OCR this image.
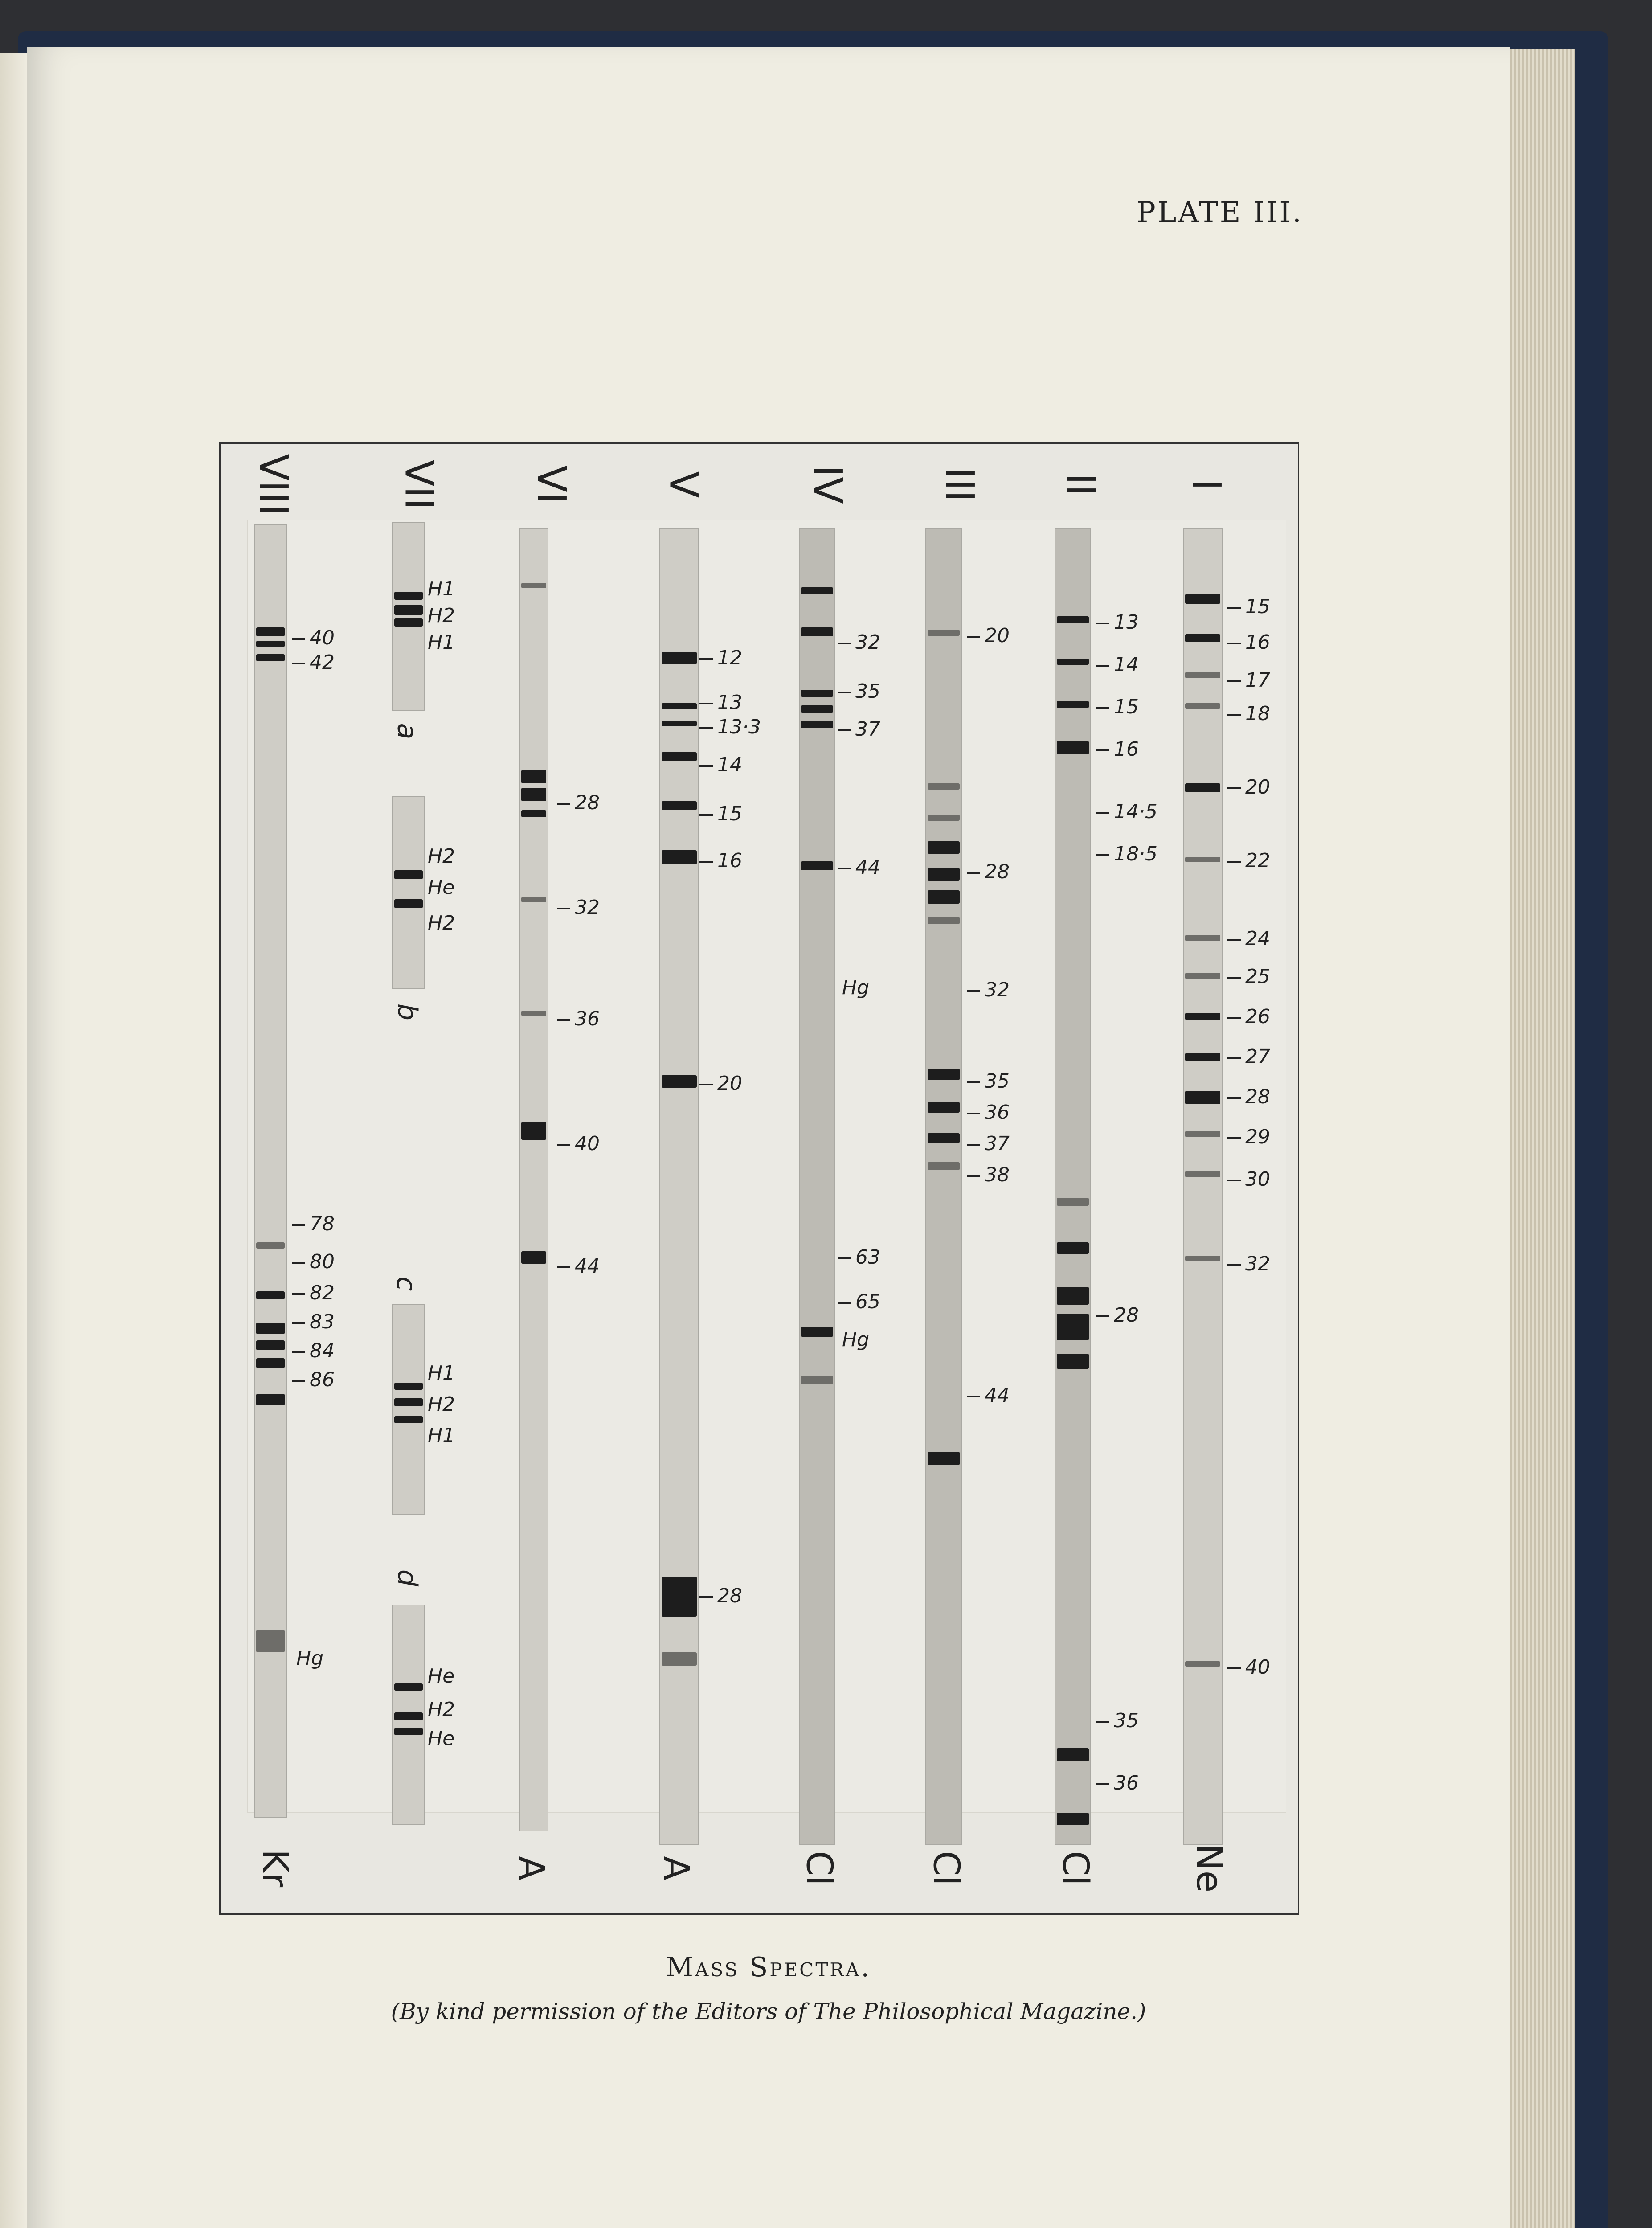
PLATE III.
VIII
40
42
78
80
82
83
84
86
Hg
Kr
VII
H1
H2
H1
a
H2
He
H2
b
H1
H2
H1
c
He
H2
He
d
VI
28
32
36
40
44
A
V
12
13
13·3
14
15
16
20
28
A
IV
32
35
37
44
Hg
63
65
Hg
Cl
III
20
28
32
35
36
37
38
44
Cl
II
13
14
15
16
14·5
18·5
28
35
36
Cl
I
15
16
17
18
20
22
24
25
26
27
28
29
30
32
40
Ne
Mass Spectra.

(By kind permission of the Editors of The Philosophical Magazine.)
